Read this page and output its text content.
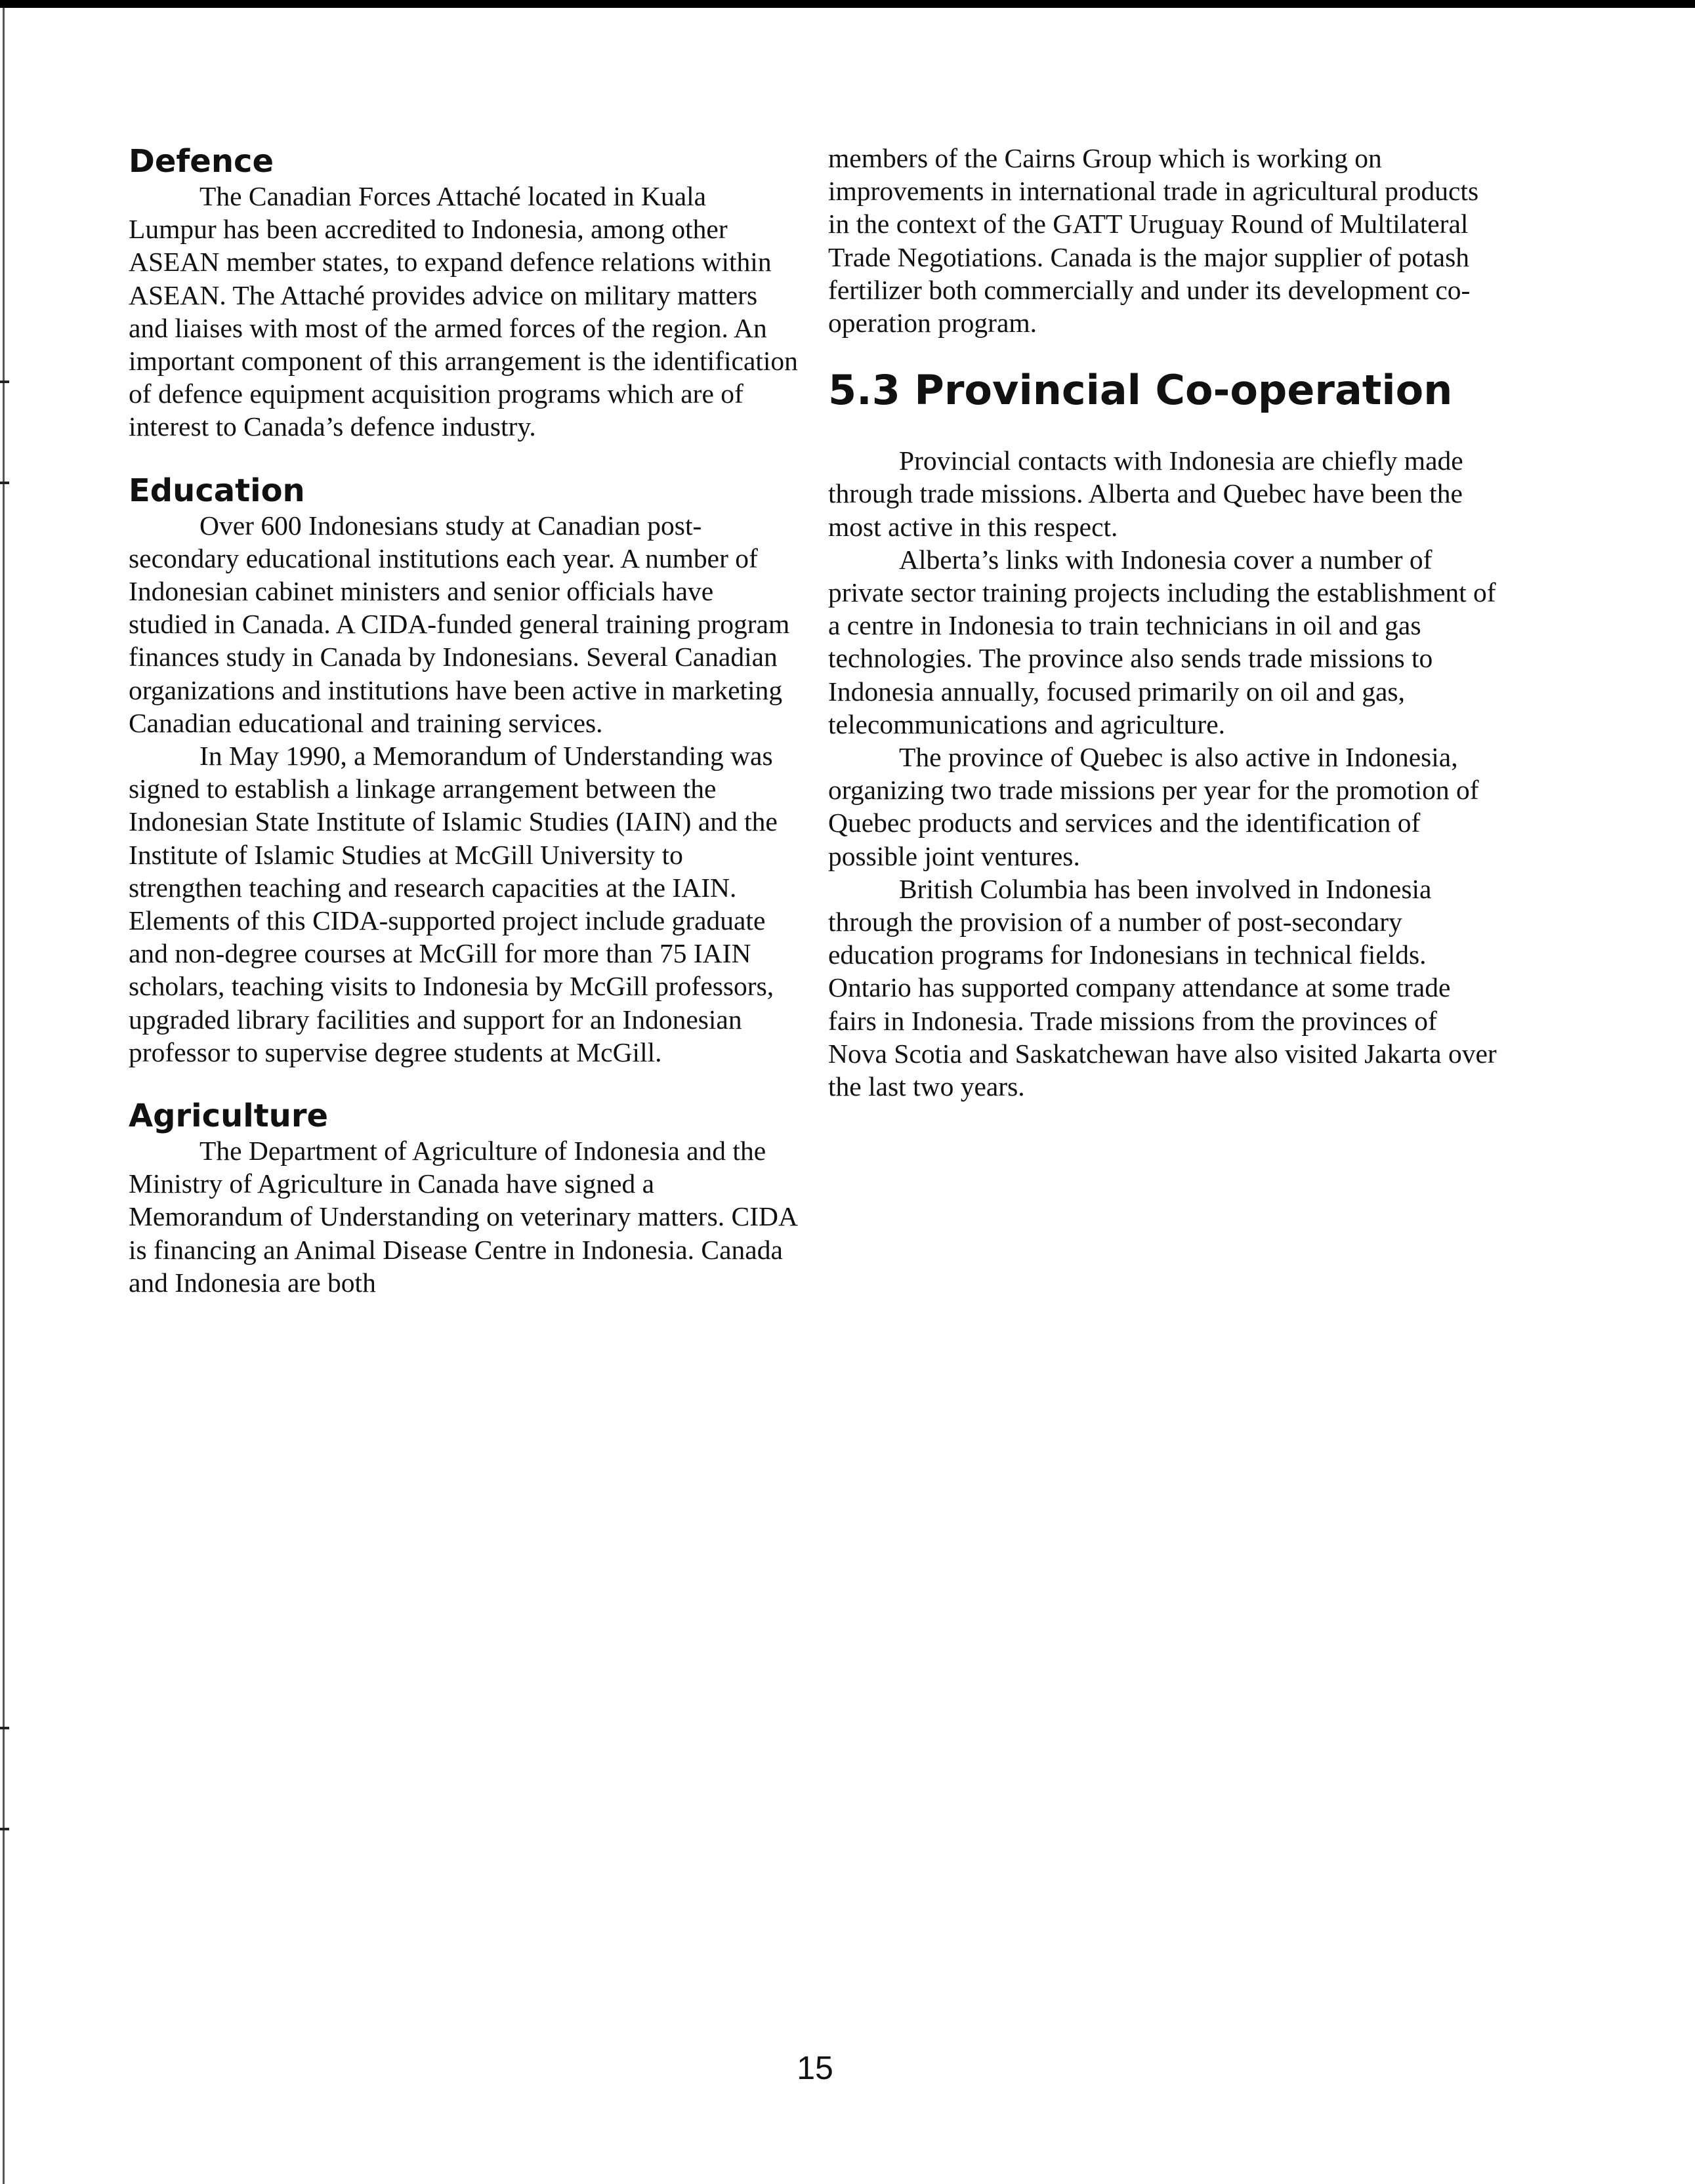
Defence

The Canadian Forces Attaché located in Kuala Lumpur has been accredited to Indonesia, among other ASEAN member states, to expand defence relations within ASEAN. The Attaché provides advice on military matters and liaises with most of the armed forces of the region. An important component of this arrangement is the identification of defence equipment acquisition programs which are of interest to Canada’s defence industry.

Education

Over 600 Indonesians study at Canadian post-secondary educational institutions each year. A number of Indonesian cabinet ministers and senior officials have studied in Canada. A CIDA-funded general training program finances study in Canada by Indonesians. Several Canadian organizations and institutions have been active in marketing Canadian educational and training services.

In May 1990, a Memorandum of Understanding was signed to establish a linkage arrangement between the Indonesian State Institute of Islamic Studies (IAIN) and the Institute of Islamic Studies at McGill University to strengthen teaching and research capacities at the IAIN. Elements of this CIDA-supported project include graduate and non-degree courses at McGill for more than 75 IAIN scholars, teaching visits to Indonesia by McGill professors, upgraded library facilities and support for an Indonesian professor to supervise degree students at McGill.

Agriculture

The Department of Agriculture of Indonesia and the Ministry of Agriculture in Canada have signed a Memorandum of Understanding on veterinary matters. CIDA is financing an Animal Disease Centre in Indonesia. Canada and Indonesia are both

members of the Cairns Group which is working on improvements in international trade in agricultural products in the context of the GATT Uruguay Round of Multilateral Trade Negotiations. Canada is the major supplier of potash fertilizer both commercially and under its development co-operation program.

5.3 Provincial Co-operation

Provincial contacts with Indonesia are chiefly made through trade missions. Alberta and Quebec have been the most active in this respect.

Alberta’s links with Indonesia cover a number of private sector training projects including the establishment of a centre in Indonesia to train technicians in oil and gas technologies. The province also sends trade missions to Indonesia annually, focused primarily on oil and gas, telecommunications and agriculture.

The province of Quebec is also active in Indonesia, organizing two trade missions per year for the promotion of Quebec products and services and the identification of possible joint ventures.

British Columbia has been involved in Indonesia through the provision of a number of post-secondary education programs for Indonesians in technical fields. Ontario has supported company attendance at some trade fairs in Indonesia. Trade missions from the provinces of Nova Scotia and Saskatchewan have also visited Jakarta over the last two years.

15
